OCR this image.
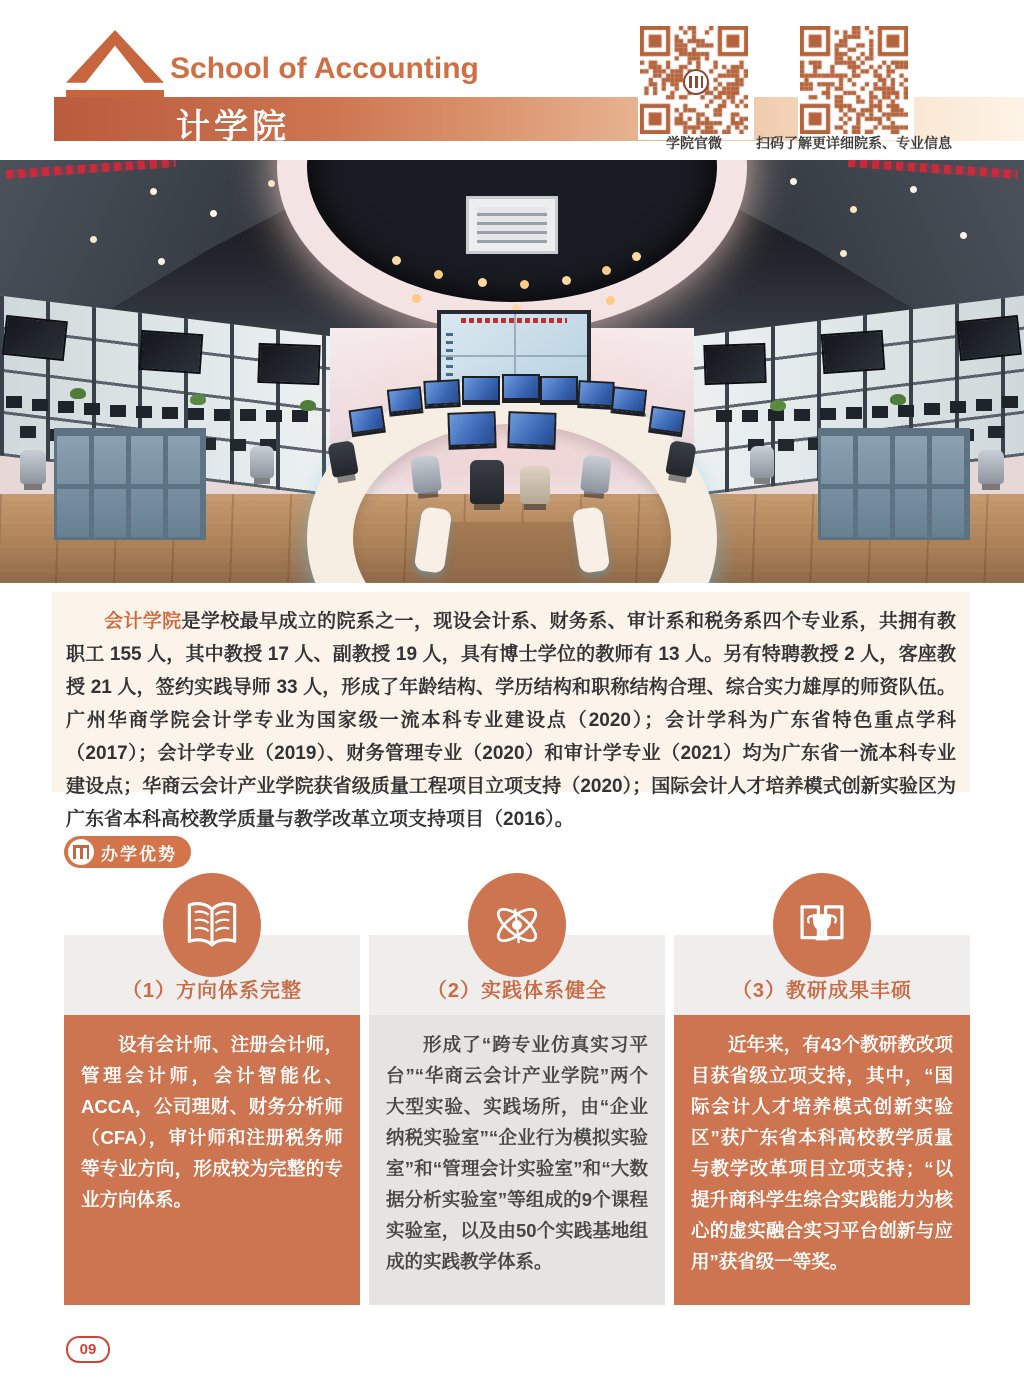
School of Accounting
计学院	学院官微	扫码了解更详细院系、专业信息

会计学院是学校最早成立的院系之一，现设会计系、财务系、审计系和税务系四个专业系，共拥有教职工 155 人，其中教授 17 人、副教授 19 人，具有博士学位的教师有 13 人。另有特聘教授 2 人，客座教授 21 人，签约实践导师 33 人，形成了年龄结构、学历结构和职称结构合理、综合实力雄厚的师资队伍。广州华商学院会计学专业为国家级一流本科专业建设点（2020）；会计学科为广东省特色重点学科（2017）；会计学专业（2019）、财务管理专业（2020）和审计学专业（2021）均为广东省一流本科专业建设点；华商云会计产业学院获省级质量工程项目立项支持（2020）；国际会计人才培养模式创新实验区为广东省本科高校教学质量与教学改革立项支持项目（2016）。

办学优势
（1）方向体系完整

设有会计师、注册会计师，管理会计师，会计智能化、ACCA，公司理财、财务分析师（CFA），审计师和注册税务师等专业方向，形成较为完整的专业方向体系。

（2）实践体系健全

形成了“跨专业仿真实习平台”“华商云会计产业学院”两个大型实验、实践场所，由“企业纳税实验室”“企业行为模拟实验室”和“管理会计实验室”和“大数据分析实验室”等组成的9个课程实验室，以及由50个实践基地组成的实践教学体系。

（3）教研成果丰硕

近年来，有43个教研教改项目获省级立项支持，其中，“国际会计人才培养模式创新实验区”获广东省本科高校教学质量与教学改革项目立项支持；“以提升商科学生综合实践能力为核心的虚实融合实习平台创新与应用”获省级一等奖。

09
